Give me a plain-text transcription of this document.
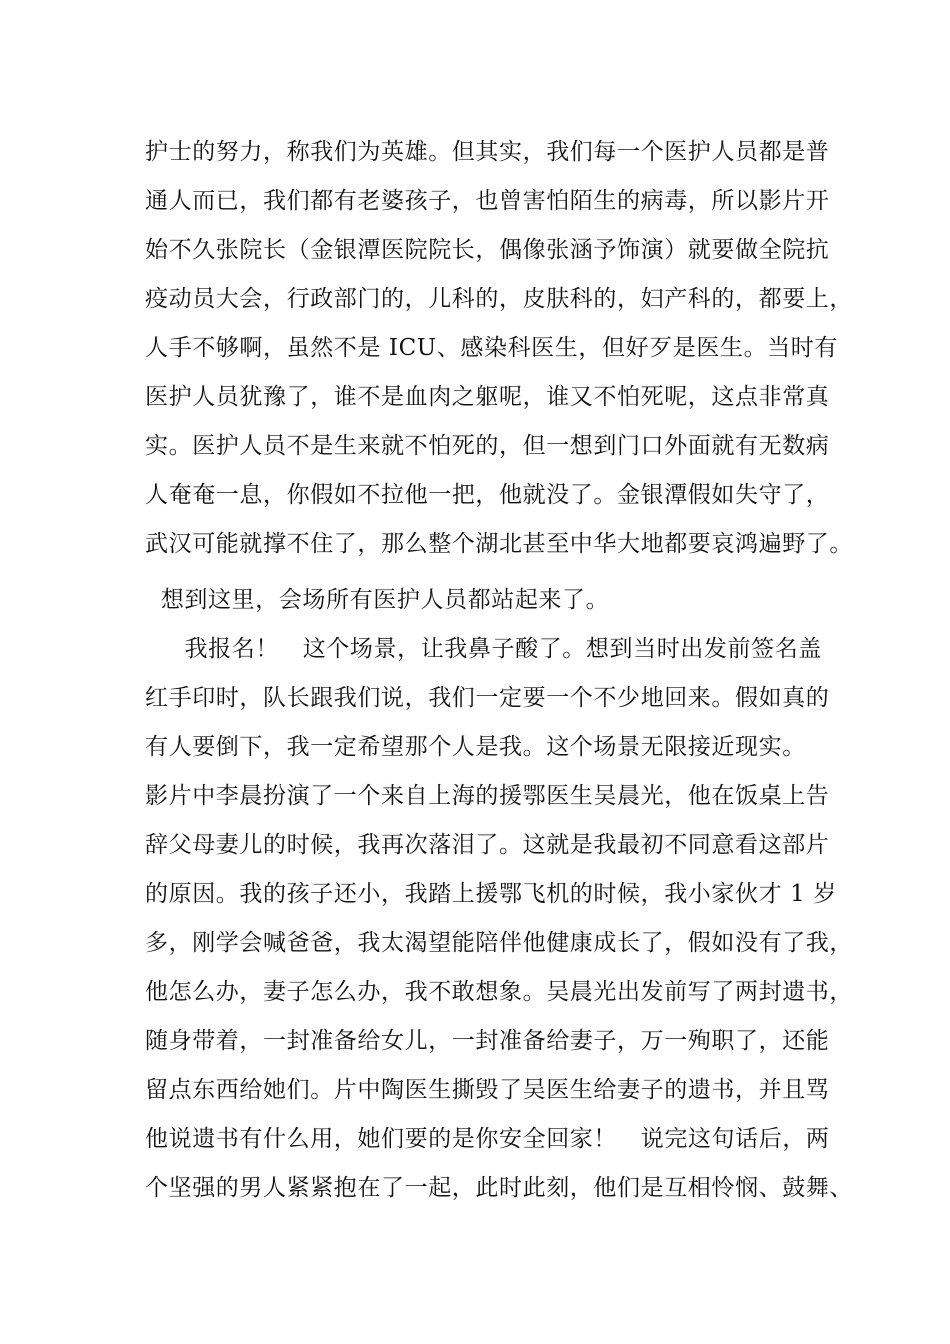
护士的努力，称我们为英雄。但其实，我们每一个医护人员都是普
通人而已，我们都有老婆孩子，也曾害怕陌生的病毒，所以影片开
始不久张院长（金银潭医院院长，偶像张涵予饰演）就要做全院抗
疫动员大会，行政部门的，儿科的，皮肤科的，妇产科的，都要上，
人手不够啊，虽然不是 ICU、感染科医生，但好歹是医生。当时有
医护人员犹豫了，谁不是血肉之躯呢，谁又不怕死呢，这点非常真
实。医护人员不是生来就不怕死的，但一想到门口外面就有无数病
人奄奄一息，你假如不拉他一把，他就没了。金银潭假如失守了，
武汉可能就撑不住了，那么整个湖北甚至中华大地都要哀鸿遍野了。
想到这里，会场所有医护人员都站起来了。
我报名！   这个场景，让我鼻子酸了。想到当时出发前签名盖
红手印时，队长跟我们说，我们一定要一个不少地回来。假如真的
有人要倒下，我一定希望那个人是我。这个场景无限接近现实。
影片中李晨扮演了一个来自上海的援鄂医生吴晨光，他在饭桌上告
辞父母妻儿的时候，我再次落泪了。这就是我最初不同意看这部片
的原因。我的孩子还小，我踏上援鄂飞机的时候，我小家伙才 1 岁
多，刚学会喊爸爸，我太渴望能陪伴他健康成长了，假如没有了我，
他怎么办，妻子怎么办，我不敢想象。吴晨光出发前写了两封遗书，
随身带着，一封准备给女儿，一封准备给妻子，万一殉职了，还能
留点东西给她们。片中陶医生撕毁了吴医生给妻子的遗书，并且骂
他说遗书有什么用，她们要的是你安全回家！   说完这句话后，两
个坚强的男人紧紧抱在了一起，此时此刻，他们是互相怜悯、鼓舞、
